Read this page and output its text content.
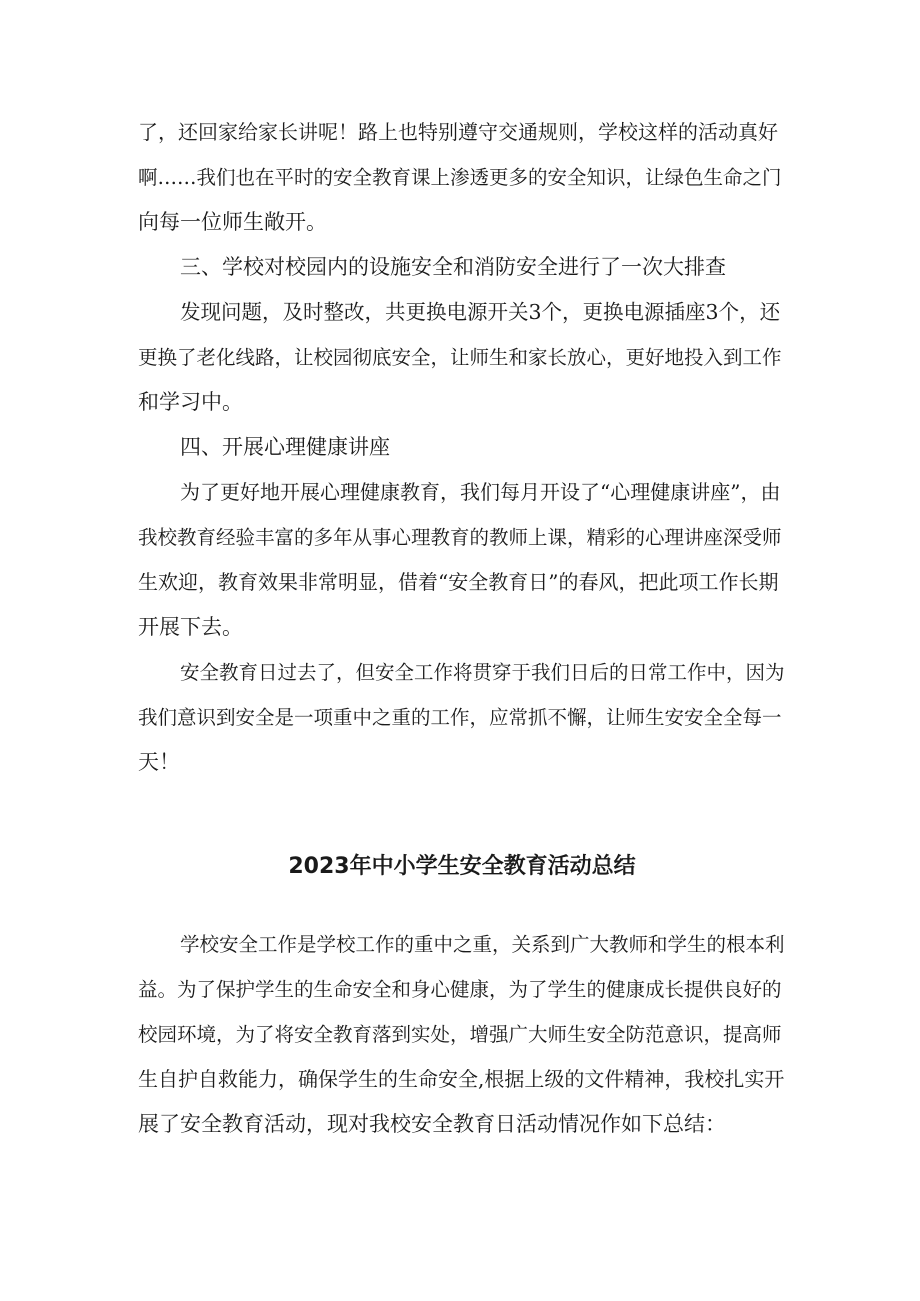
了，还回家给家长讲呢！路上也特别遵守交通规则，学校这样的活动真好

啊……我们也在平时的安全教育课上渗透更多的安全知识，让绿色生命之门

向每一位师生敞开。

三、学校对校园内的设施安全和消防安全进行了一次大排查

发现问题，及时整改，共更换电源开关3个，更换电源插座3个，还

更换了老化线路，让校园彻底安全，让师生和家长放心，更好地投入到工作

和学习中。

四、开展心理健康讲座

为了更好地开展心理健康教育，我们每月开设了“心理健康讲座”，由

我校教育经验丰富的多年从事心理教育的教师上课，精彩的心理讲座深受师

生欢迎，教育效果非常明显，借着“安全教育日”的春风，把此项工作长期

开展下去。

安全教育日过去了，但安全工作将贯穿于我们日后的日常工作中，因为

我们意识到安全是一项重中之重的工作，应常抓不懈，让师生安安全全每一

天！

2023年中小学生安全教育活动总结

学校安全工作是学校工作的重中之重，关系到广大教师和学生的根本利

益。为了保护学生的生命安全和身心健康，为了学生的健康成长提供良好的

校园环境，为了将安全教育落到实处，增强广大师生安全防范意识，提高师

生自护自救能力，确保学生的生命安全,根据上级的文件精神，我校扎实开

展了安全教育活动，现对我校安全教育日活动情况作如下总结：
